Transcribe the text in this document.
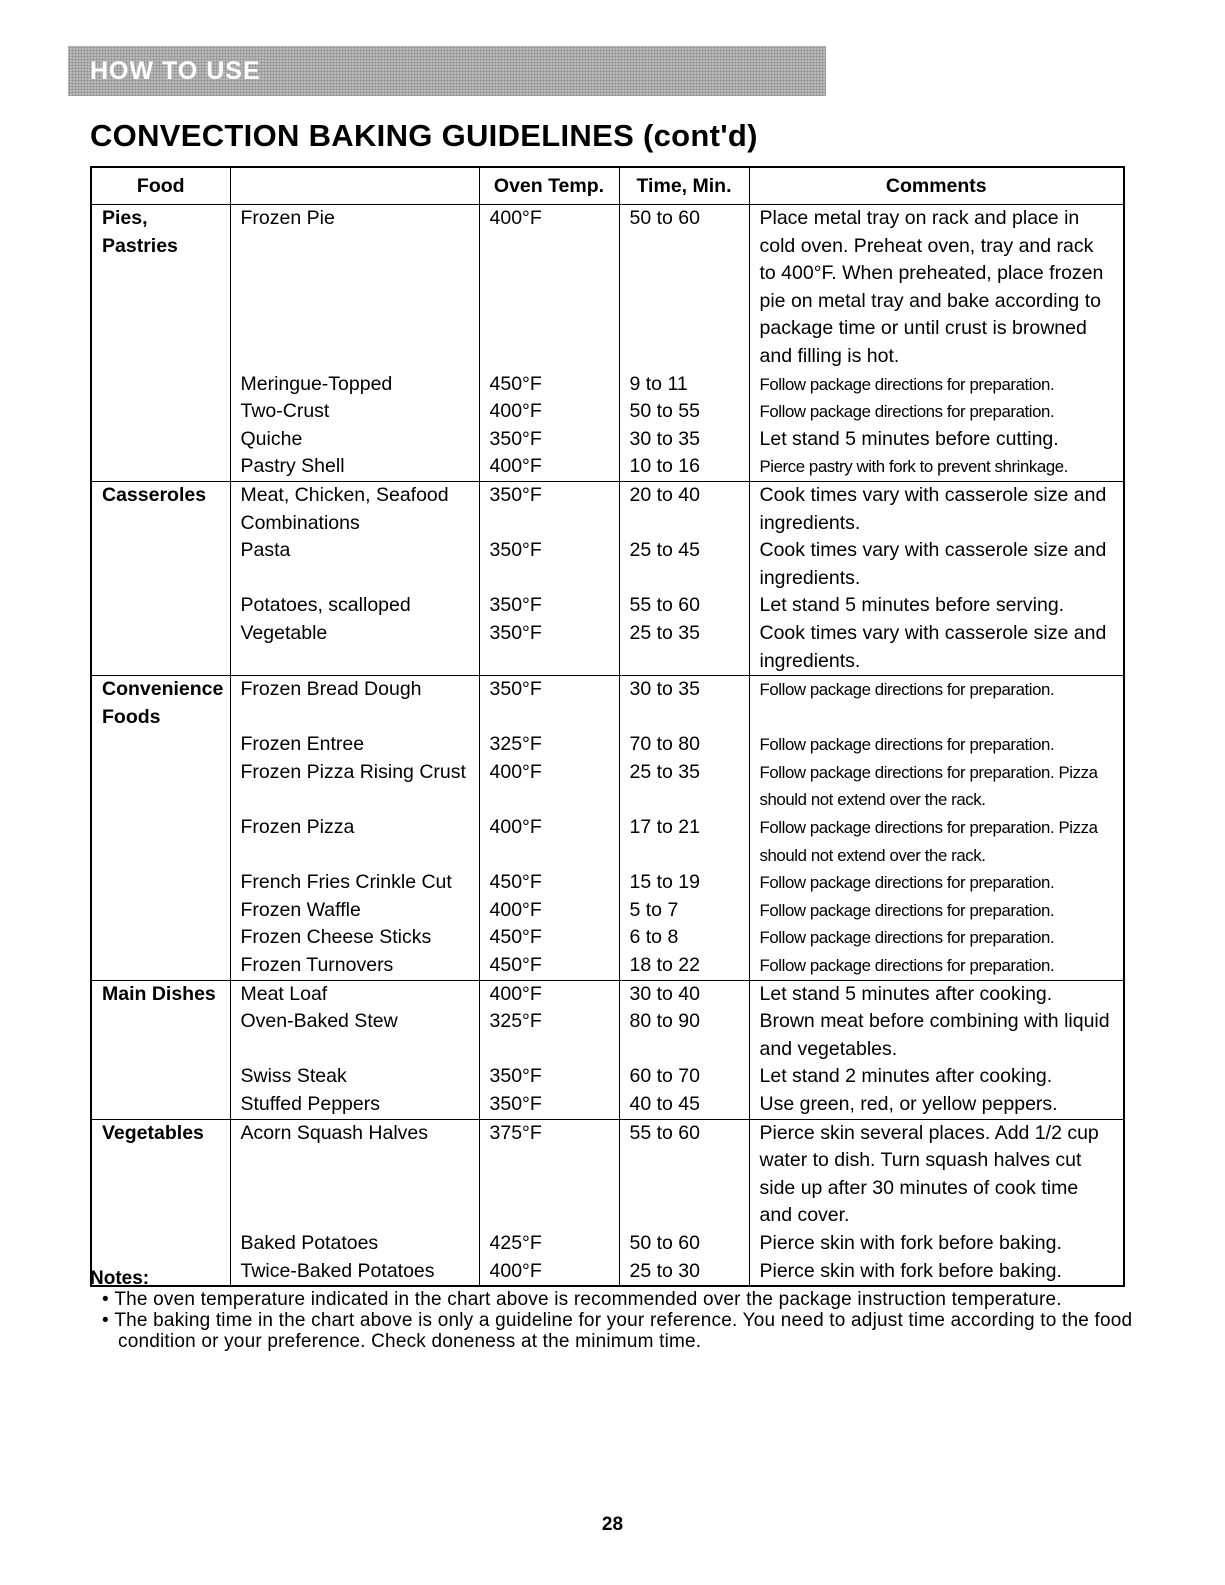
HOW TO USE
CONVECTION BAKING GUIDELINES (cont'd)
Food		Oven Temp.	Time, Min.	Comments
Pies, Pastries	Frozen Pie	400°F	50 to 60	Place metal tray on rack and place in cold oven. Preheat oven, tray and rack to 400°F. When preheated, place frozen pie on metal tray and bake according to package time or until crust is browned and filling is hot.
	Meringue-Topped	450°F	9 to 11	Follow package directions for preparation.
	Two-Crust	400°F	50 to 55	Follow package directions for preparation.
	Quiche	350°F	30 to 35	Let stand 5 minutes before cutting.
	Pastry Shell	400°F	10 to 16	Pierce pastry with fork to prevent shrinkage.
Casseroles	Meat, Chicken, Seafood Combinations	350°F	20 to 40	Cook times vary with casserole size and ingredients.
	Pasta	350°F	25 to 45	Cook times vary with casserole size and ingredients.
	Potatoes, scalloped	350°F	55 to 60	Let stand 5 minutes before serving.
	Vegetable	350°F	25 to 35	Cook times vary with casserole size and ingredients.
Convenience Foods	Frozen Bread Dough	350°F	30 to 35	Follow package directions for preparation.
	Frozen Entree	325°F	70 to 80	Follow package directions for preparation.
	Frozen Pizza Rising Crust	400°F	25 to 35	Follow package directions for preparation. Pizza should not extend over the rack.
	Frozen Pizza	400°F	17 to 21	Follow package directions for preparation. Pizza should not extend over the rack.
	French Fries Crinkle Cut	450°F	15 to 19	Follow package directions for preparation.
	Frozen Waffle	400°F	5 to 7	Follow package directions for preparation.
	Frozen Cheese Sticks	450°F	6 to 8	Follow package directions for preparation.
	Frozen Turnovers	450°F	18 to 22	Follow package directions for preparation.
Main Dishes	Meat Loaf	400°F	30 to 40	Let stand 5 minutes after cooking.
	Oven-Baked Stew	325°F	80 to 90	Brown meat before combining with liquid and vegetables.
	Swiss Steak	350°F	60 to 70	Let stand 2 minutes after cooking.
	Stuffed Peppers	350°F	40 to 45	Use green, red, or yellow peppers.
Vegetables	Acorn Squash Halves	375°F	55 to 60	Pierce skin several places. Add 1/2 cup water to dish. Turn squash halves cut side up after 30 minutes of cook time and cover.
	Baked Potatoes	425°F	50 to 60	Pierce skin with fork before baking.
	Twice-Baked Potatoes	400°F	25 to 30	Pierce skin with fork before baking.
Notes:

• The oven temperature indicated in the chart above is recommended over the package instruction temperature.

• The baking time in the chart above is only a guideline for your reference. You need to adjust time according to the food condition or your preference. Check doneness at the minimum time.

28
